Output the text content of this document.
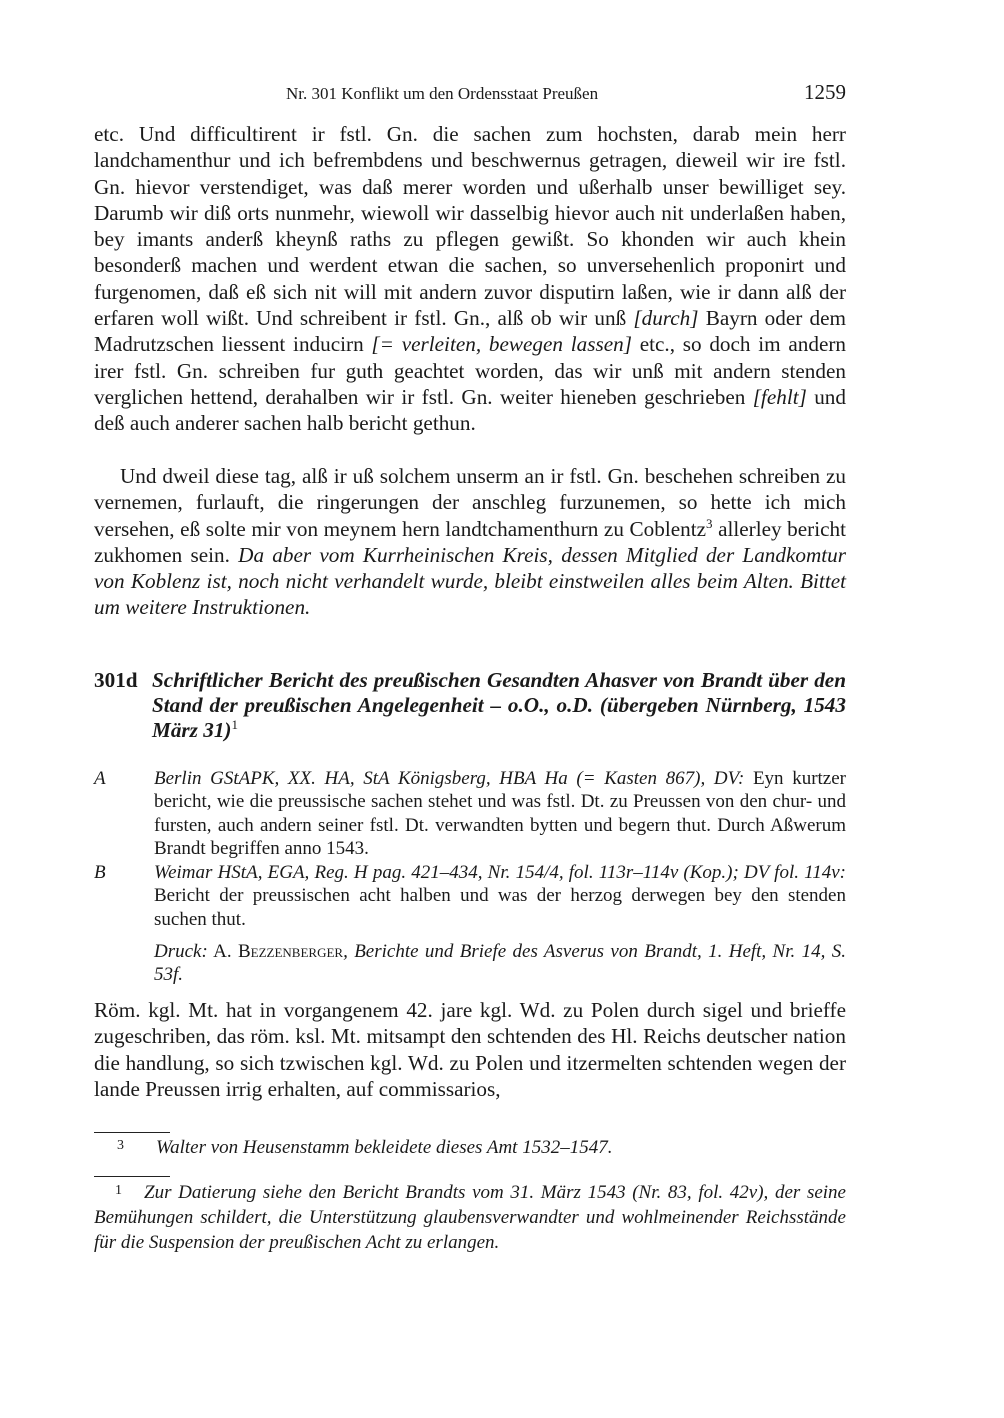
Nr. 301 Konflikt um den Ordensstaat Preußen	1259

etc. Und difficultirent ir fstl. Gn. die sachen zum hochsten, darab mein herr landchamenthur und ich befrembdens und beschwernus getragen, dieweil wir ire fstl. Gn. hievor verstendiget, was daß merer worden und ußerhalb unser bewilliget sey. Darumb wir diß orts nunmehr, wiewoll wir dasselbig hievor auch nit underlaßen haben, bey imants anderß kheynß raths zu pflegen gewißt. So khonden wir auch khein besonderß machen und werdent etwan die sachen, so unversehenlich proponirt und furgenomen, daß eß sich nit will mit andern zuvor disputirn laßen, wie ir dann alß der erfaren woll wißt. Und schreibent ir fstl. Gn., alß ob wir unß [durch] Bayrn oder dem Madrutzschen liessent inducirn [= verleiten, bewegen lassen] etc., so doch im andern irer fstl. Gn. schreiben fur guth geachtet worden, das wir unß mit andern stenden verglichen hettend, derahalben wir ir fstl. Gn. weiter hieneben geschrieben [fehlt] und deß auch anderer sachen halb bericht gethun.

Und dweil diese tag, alß ir uß solchem unserm an ir fstl. Gn. beschehen schreiben zu vernemen, furlauft, die ringerungen der anschleg furzunemen, so hette ich mich versehen, eß solte mir von meynem hern landtchamenthurn zu Coblentz$^3$ allerley bericht zukhomen sein. Da aber vom Kurrheinischen Kreis, dessen Mitglied der Landkomtur von Koblenz ist, noch nicht verhandelt wurde, bleibt einstweilen alles beim Alten. Bittet um weitere Instruktionen.

301d Schriftlicher Bericht des preußischen Gesandten Ahasver von Brandt über den Stand der preußischen Angelegenheit – o.O., o.D. (übergeben Nürnberg, 1543 März 31)$^1$
A	Berlin GStAPK, XX. HA, StA Königsberg, HBA Ha (= Kasten 867), DV: Eyn kurtzer bericht, wie die preussische sachen stehet und was fstl. Dt. zu Preussen von den chur- und fursten, auch andern seiner fstl. Dt. verwandten bytten und begern thut. Durch Aßwerum Brandt begriffen anno 1543.
B	Weimar HStA, EGA, Reg. H pag. 421–434, Nr. 154/4, fol. 113r–114v (Kop.); DV fol. 114v: Bericht der preussischen acht halben und was der herzog derwegen bey den stenden suchen thut.
Druck: A. Bezzenberger, Berichte und Briefe des Asverus von Brandt, 1. Heft, Nr. 14, S. 53f.

Röm. kgl. Mt. hat in vorgangenem 42. jare kgl. Wd. zu Polen durch sigel und brieffe zugeschriben, das röm. ksl. Mt. mitsampt den schtenden des Hl. Reichs deutscher nation die handlung, so sich tzwischen kgl. Wd. zu Polen und itzermelten schtenden wegen der lande Preussen irrig erhalten, auf commissarios,

3 Walter von Heusenstamm bekleidete dieses Amt 1532–1547.
1 Zur Datierung siehe den Bericht Brandts vom 31. März 1543 (Nr. 83, fol. 42v), der seine Bemühungen schildert, die Unterstützung glaubensverwandter und wohlmeinender Reichsstände für die Suspension der preußischen Acht zu erlangen.
